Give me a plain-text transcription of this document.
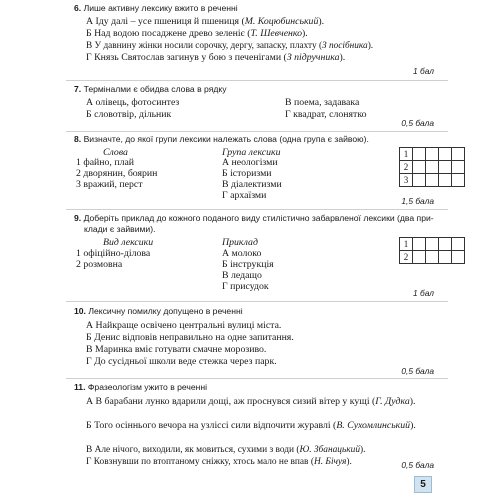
6. Лише активну лексику вжито в реченні
А Іду далі – усе пшениця й пшениця (М. Коцюбинський).
Б Над водою посаджене древо зеленіє (Т. Шевченко).
В У давнину жінки носили сорочку, дергу, запаску, плахту (З посібника).
Г Князь Святослав загинув у бою з печенігами (З підручника).
1 бал
7. Терміналми є обидва слова в рядку
А олівець, фотосинтез
Б словотвір, дільник
В поема, задавака
Г квадрат, слонятко
0,5 бала
8. Визначте, до якої групи лексики належать слова (одна група є зайвою).
Слова	Група лексики
1 файно, плай
2 дворянин, боярин
3 вражий, перст
А неологізми
Б історизми
В діалектизми
Г архаїзми
1				
2				
3				
1,5 бала
9. Доберіть приклад до кожного поданого виду стилістично забарвленої лексики (два при-
клади є зайвими).
Вид лексики	Приклад
1 офіційно-ділова
2 розмовна
А молоко
Б інструкція
В ледащо
Г присудок
1				
2				
1 бал
10. Лексичну помилку допущено в реченні
А Найкраще освічено центральні вулиці міста.
Б Денис відповів неправильно на одне запитання.
В Маринка вміє готувати смачне морозиво.
Г До сусідньої школи веде стежка через парк.
0,5 бала
11. Фразеологізм ужито в реченні
А В барабани лунко вдарили дощі, аж проснувся сизий вітер у кущі (Г. Дудка).
Б Того осіннього вечора на узліссі сили відпочити журавлі (В. Сухомлинський).
В Але нічого, виходили, як мовиться, сухими з води (Ю. Збанацький).
Г Ковзнувши по втоптаному сніжку, хтось мало не впав (Н. Бічуя).	0,5 бала
5
